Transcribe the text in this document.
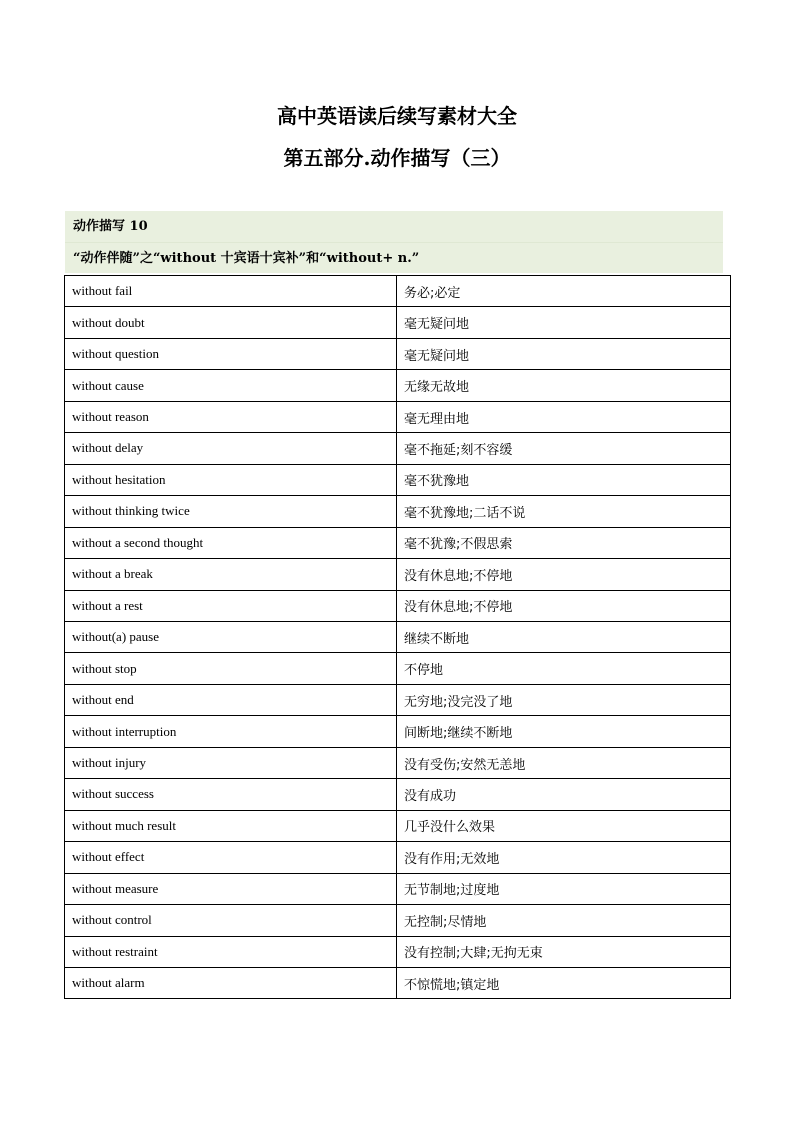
高中英语读后续写素材大全
第五部分.动作描写（三）
动作描写 10
“动作伴随”之“without 十宾语十宾补”和“without+ n.”
without fail	务必;必定
without doubt	毫无疑问地
without question	毫无疑问地
without cause	无缘无故地
without reason	毫无理由地
without delay	毫不拖延;刻不容缓
without hesitation	毫不犹豫地
without thinking twice	毫不犹豫地;二话不说
without a second thought	毫不犹豫;不假思索
without a break	没有休息地;不停地
without a rest	没有休息地;不停地
without(a) pause	继续不断地
without stop	不停地
without end	无穷地;没完没了地
without interruption	间断地;继续不断地
without injury	没有受伤;安然无恙地
without success	没有成功
without much result	几乎没什么效果
without effect	没有作用;无效地
without measure	无节制地;过度地
without control	无控制;尽情地
without restraint	没有控制;大肆;无拘无束
without alarm	不惊慌地;镇定地
